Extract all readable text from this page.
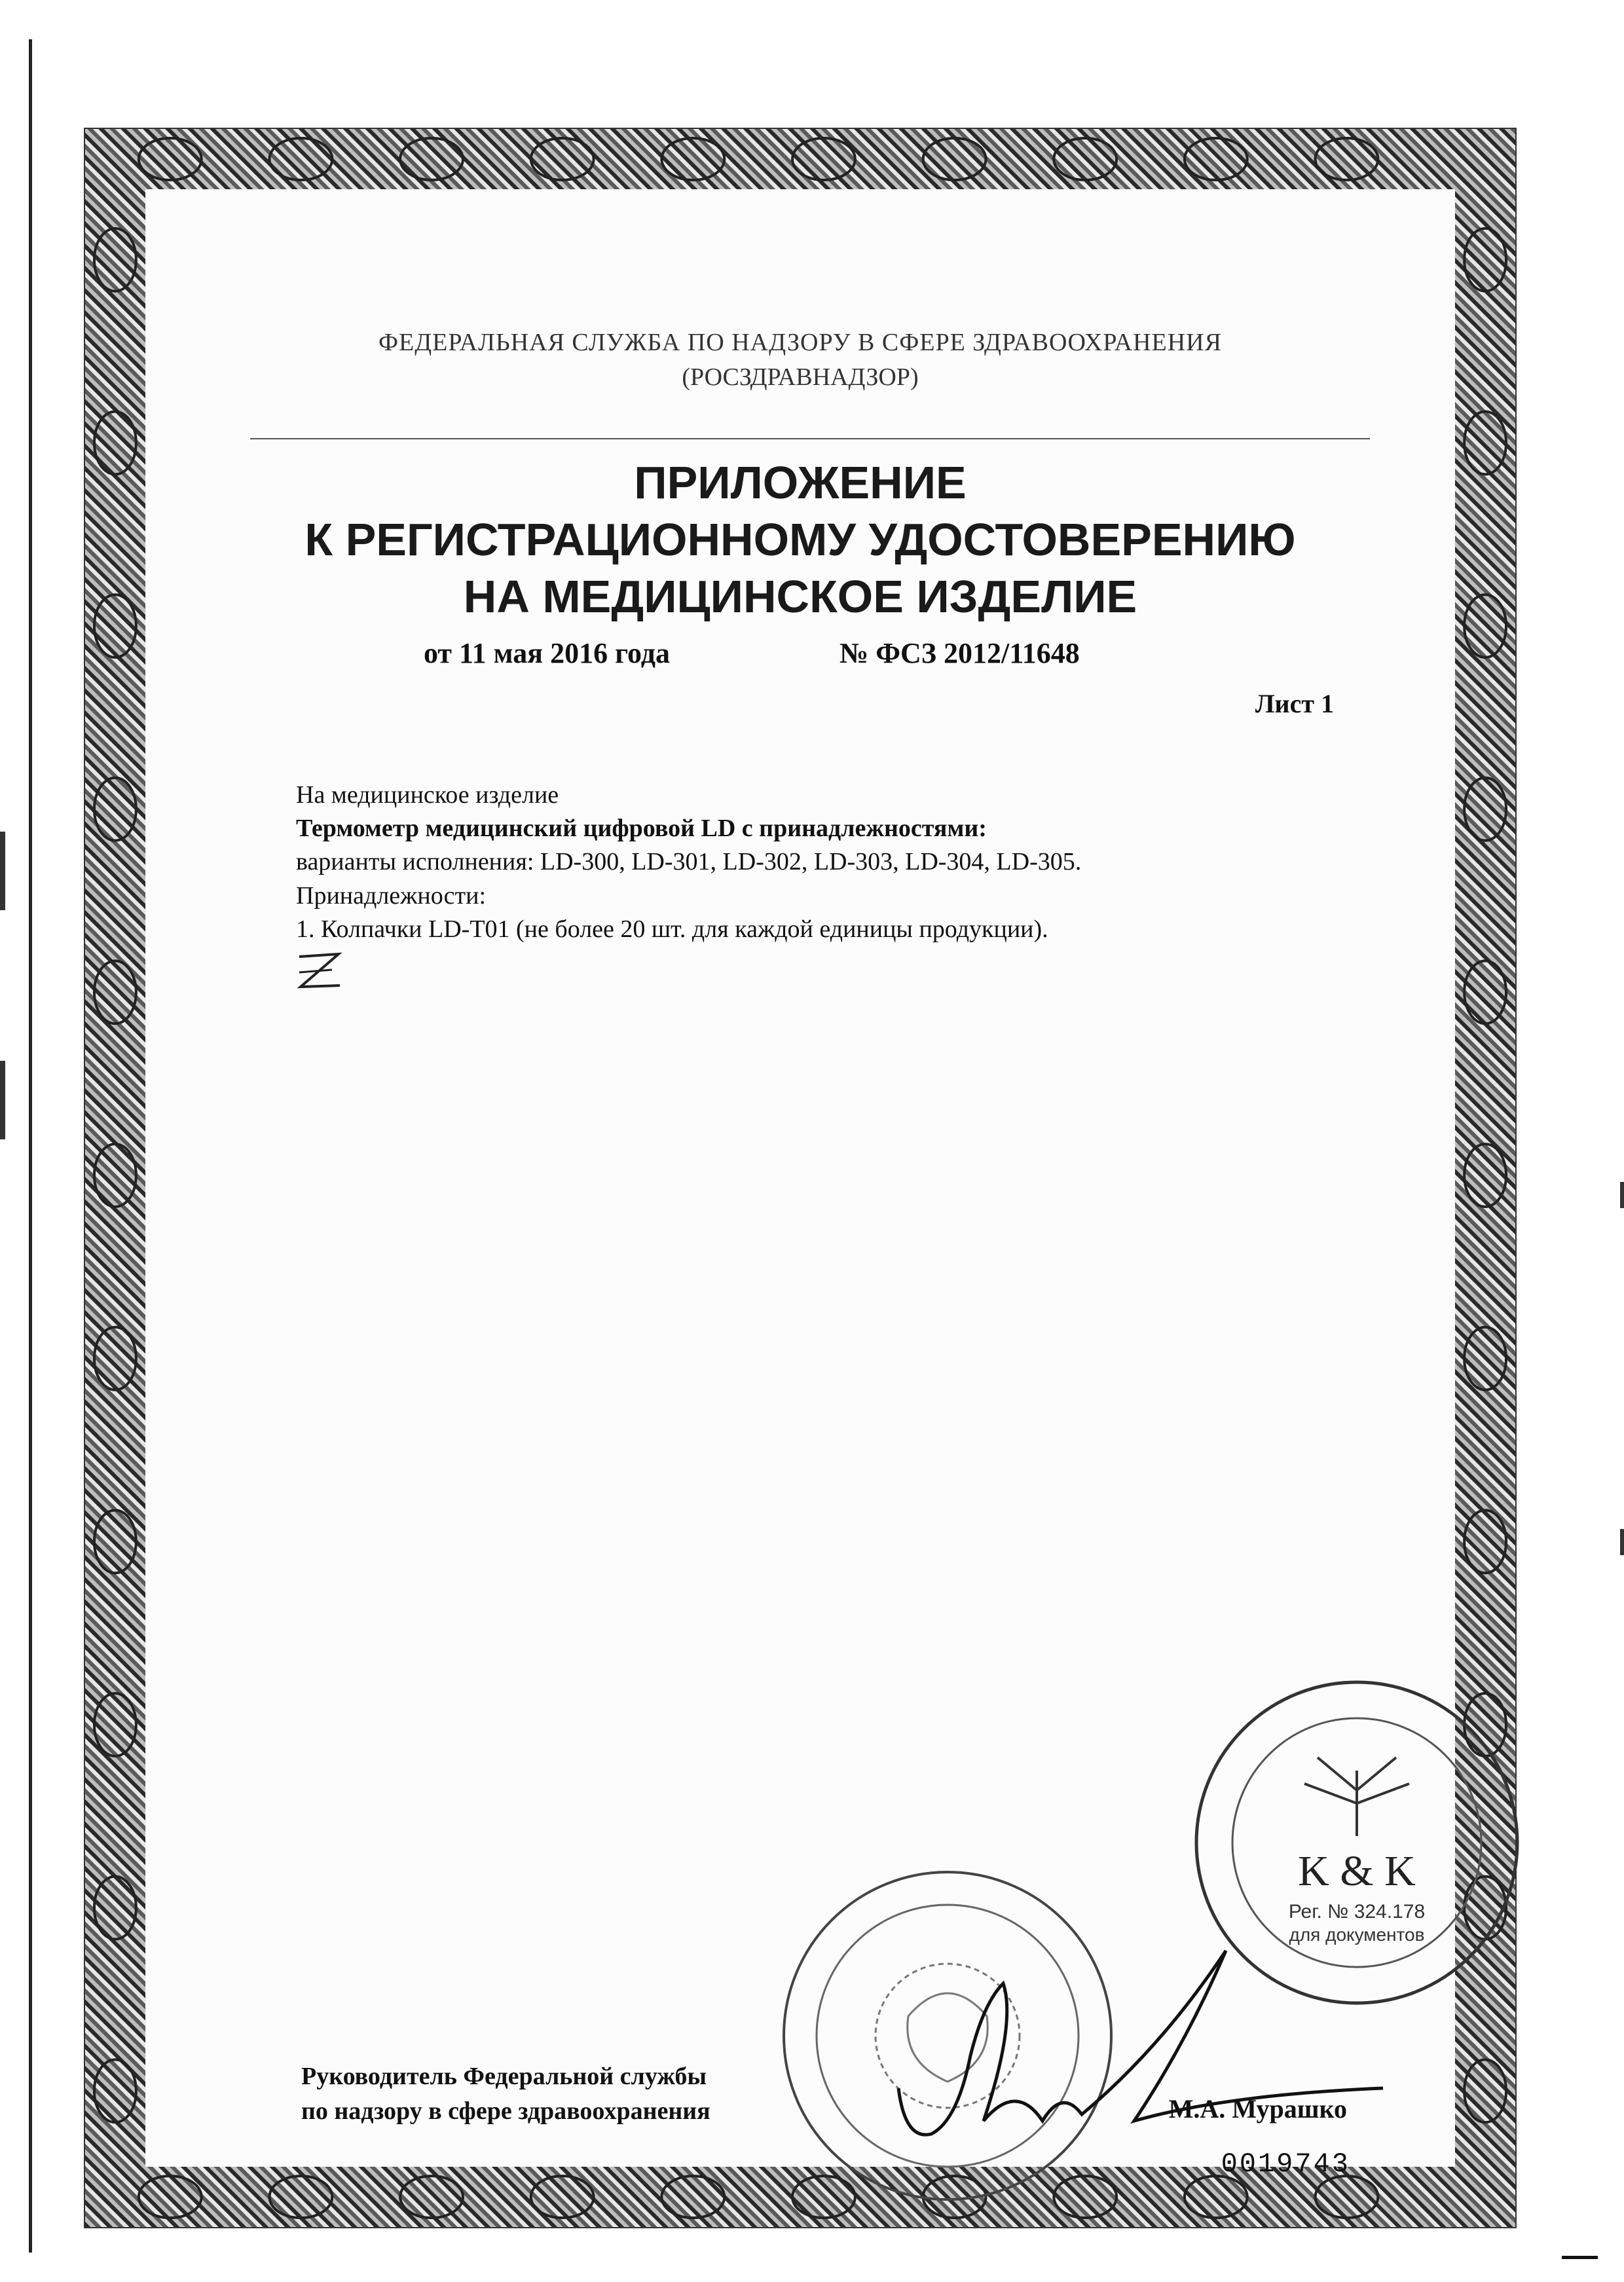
ФЕДЕРАЛЬНАЯ СЛУЖБА ПО НАДЗОРУ В СФЕРЕ ЗДРАВООХРАНЕНИЯ
(РОСЗДРАВНАДЗОР)
ПРИЛОЖЕНИЕ
К РЕГИСТРАЦИОННОМУ УДОСТОВЕРЕНИЮ
НА МЕДИЦИНСКОЕ ИЗДЕЛИЕ
от 11 мая 2016 года	№ ФСЗ 2012/11648
Лист 1
На медицинское изделие
Термометр медицинский цифровой LD с принадлежностями:
варианты исполнения: LD-300, LD-301, LD-302, LD-303, LD-304, LD-305.
Принадлежности:
1. Колпачки LD-T01 (не более 20 шт. для каждой единицы продукции).
K & K
Рег. № 324.178
для документов
Руководитель Федеральной службы
по надзору в сфере здравоохранения	М.А. Мурашко
0019743
